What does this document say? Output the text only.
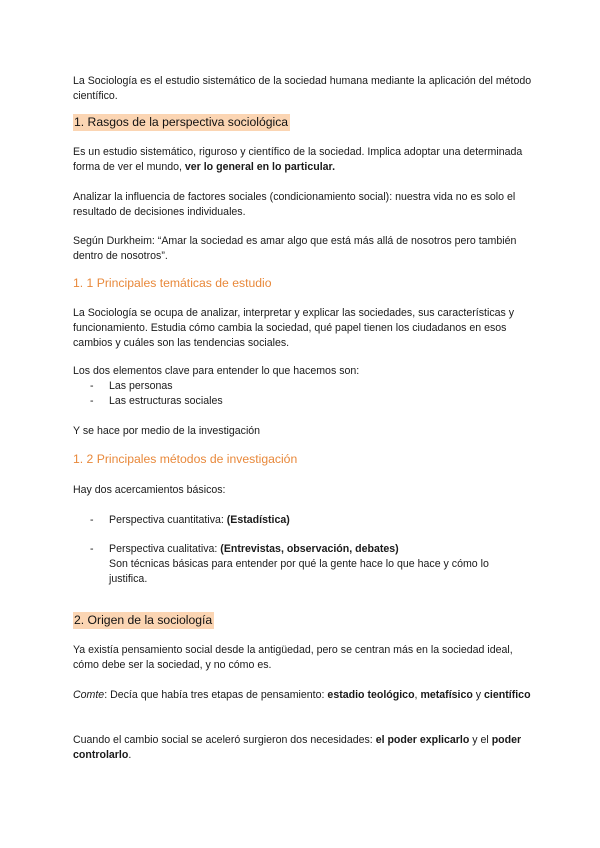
La Sociología es el estudio sistemático de la sociedad humana mediante la aplicación del método científico.
1. Rasgos de la perspectiva sociológica
Es un estudio sistemático, riguroso y científico de la sociedad. Implica adoptar una determinada forma de ver el mundo, ver lo general en lo particular.
Analizar la influencia de factores sociales (condicionamiento social): nuestra vida no es solo el resultado de decisiones individuales.
Según Durkheim: “Amar la sociedad es amar algo que está más allá de nosotros pero también dentro de nosotros”.
1. 1 Principales temáticas de estudio
La Sociología se ocupa de analizar, interpretar y explicar las sociedades, sus características y funcionamiento. Estudia cómo cambia la sociedad, qué papel tienen los ciudadanos en esos cambios y cuáles son las tendencias sociales.
Los dos elementos clave para entender lo que hacemos son:
- Las personas
- Las estructuras sociales
Y se hace por medio de la investigación
1. 2 Principales métodos de investigación
Hay dos acercamientos básicos:
- Perspectiva cuantitativa: (Estadística)
- Perspectiva cualitativa: (Entrevistas, observación, debates)
Son técnicas básicas para entender por qué la gente hace lo que hace y cómo lo justifica.
2. Origen de la sociología
Ya existía pensamiento social desde la antigüedad, pero se centran más en la sociedad ideal, cómo debe ser la sociedad, y no cómo es.
Comte: Decía que había tres etapas de pensamiento: estadio teológico, metafísico y científico
Cuando el cambio social se aceleró surgieron dos necesidades: el poder explicarlo y el poder controlarlo.
